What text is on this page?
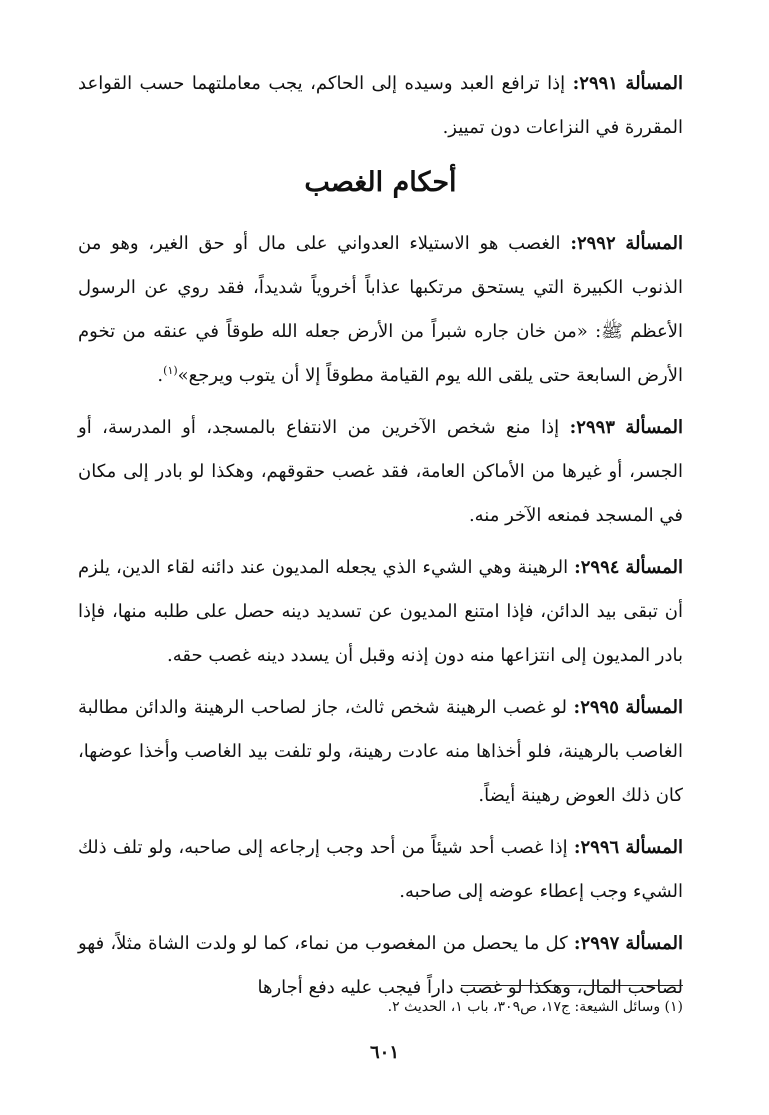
المسألة ٢٩٩١: إذا ترافع العبد وسيده إلى الحاكم، يجب معاملتهما حسب القواعد المقررة في النزاعات دون تمييز.

أحكام الغصب

المسألة ٢٩٩٢: الغصب هو الاستيلاء العدواني على مال أو حق الغير، وهو من الذنوب الكبيرة التي يستحق مرتكبها عذاباً أخروياً شديداً، فقد روي عن الرسول الأعظم ﷺ: «من خان جاره شبراً من الأرض جعله الله طوقاً في عنقه من تخوم الأرض السابعة حتى يلقى الله يوم القيامة مطوقاً إلا أن يتوب ويرجع»$^{(١)}$.

المسألة ٢٩٩٣: إذا منع شخص الآخرين من الانتفاع بالمسجد، أو المدرسة، أو الجسر، أو غيرها من الأماكن العامة، فقد غصب حقوقهم، وهكذا لو بادر إلى مكان في المسجد فمنعه الآخر منه.

المسألة ٢٩٩٤: الرهينة وهي الشيء الذي يجعله المديون عند دائنه لقاء الدين، يلزم أن تبقى بيد الدائن، فإذا امتنع المديون عن تسديد دينه حصل على طلبه منها، فإذا بادر المديون إلى انتزاعها منه دون إذنه وقبل أن يسدد دينه غصب حقه.

المسألة ٢٩٩٥: لو غصب الرهينة شخص ثالث، جاز لصاحب الرهينة والدائن مطالبة الغاصب بالرهينة، فلو أخذاها منه عادت رهينة، ولو تلفت بيد الغاصب وأخذا عوضها، كان ذلك العوض رهينة أيضاً.

المسألة ٢٩٩٦: إذا غصب أحد شيئاً من أحد وجب إرجاعه إلى صاحبه، ولو تلف ذلك الشيء وجب إعطاء عوضه إلى صاحبه.

المسألة ٢٩٩٧: كل ما يحصل من المغصوب من نماء، كما لو ولدت الشاة مثلاً، فهو لصاحب المال، وهكذا لو غصب داراً فيجب عليه دفع أجارها

(١) وسائل الشيعة: ج١٧، ص٣٠٩، باب ١، الحديث ٢.
٦٠١
